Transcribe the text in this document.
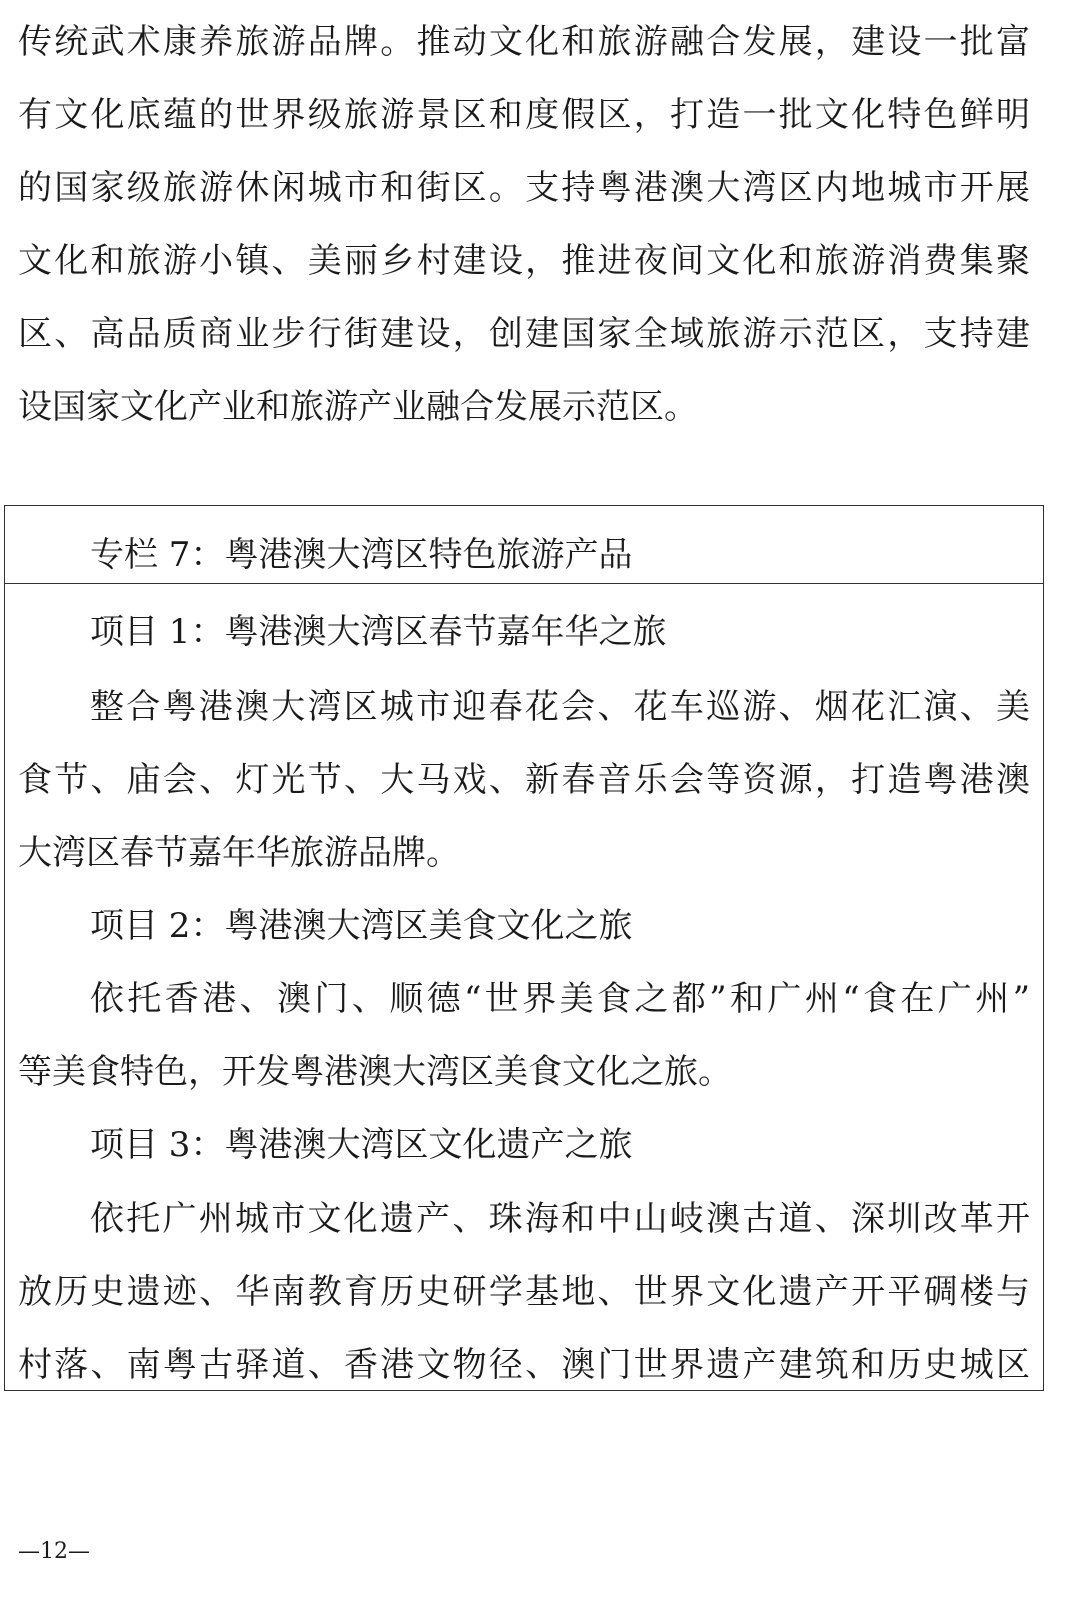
传统武术康养旅游品牌。推动文化和旅游融合发展，建设一批富
有文化底蕴的世界级旅游景区和度假区，打造一批文化特色鲜明
的国家级旅游休闲城市和街区。支持粤港澳大湾区内地城市开展
文化和旅游小镇、美丽乡村建设，推进夜间文化和旅游消费集聚
区、高品质商业步行街建设，创建国家全域旅游示范区，支持建
设国家文化产业和旅游产业融合发展示范区。
专栏 7：粤港澳大湾区特色旅游产品
项目 1：粤港澳大湾区春节嘉年华之旅
整合粤港澳大湾区城市迎春花会、花车巡游、烟花汇演、美
食节、庙会、灯光节、大马戏、新春音乐会等资源，打造粤港澳
大湾区春节嘉年华旅游品牌。
项目 2：粤港澳大湾区美食文化之旅
依托香港、澳门、顺德“世界美食之都”和广州“食在广州”
等美食特色，开发粤港澳大湾区美食文化之旅。
项目 3：粤港澳大湾区文化遗产之旅
依托广州城市文化遗产、珠海和中山岐澳古道、深圳改革开
放历史遗迹、华南教育历史研学基地、世界文化遗产开平碉楼与
村落、南粤古驿道、香港文物径、澳门世界遗产建筑和历史城区
—12—
